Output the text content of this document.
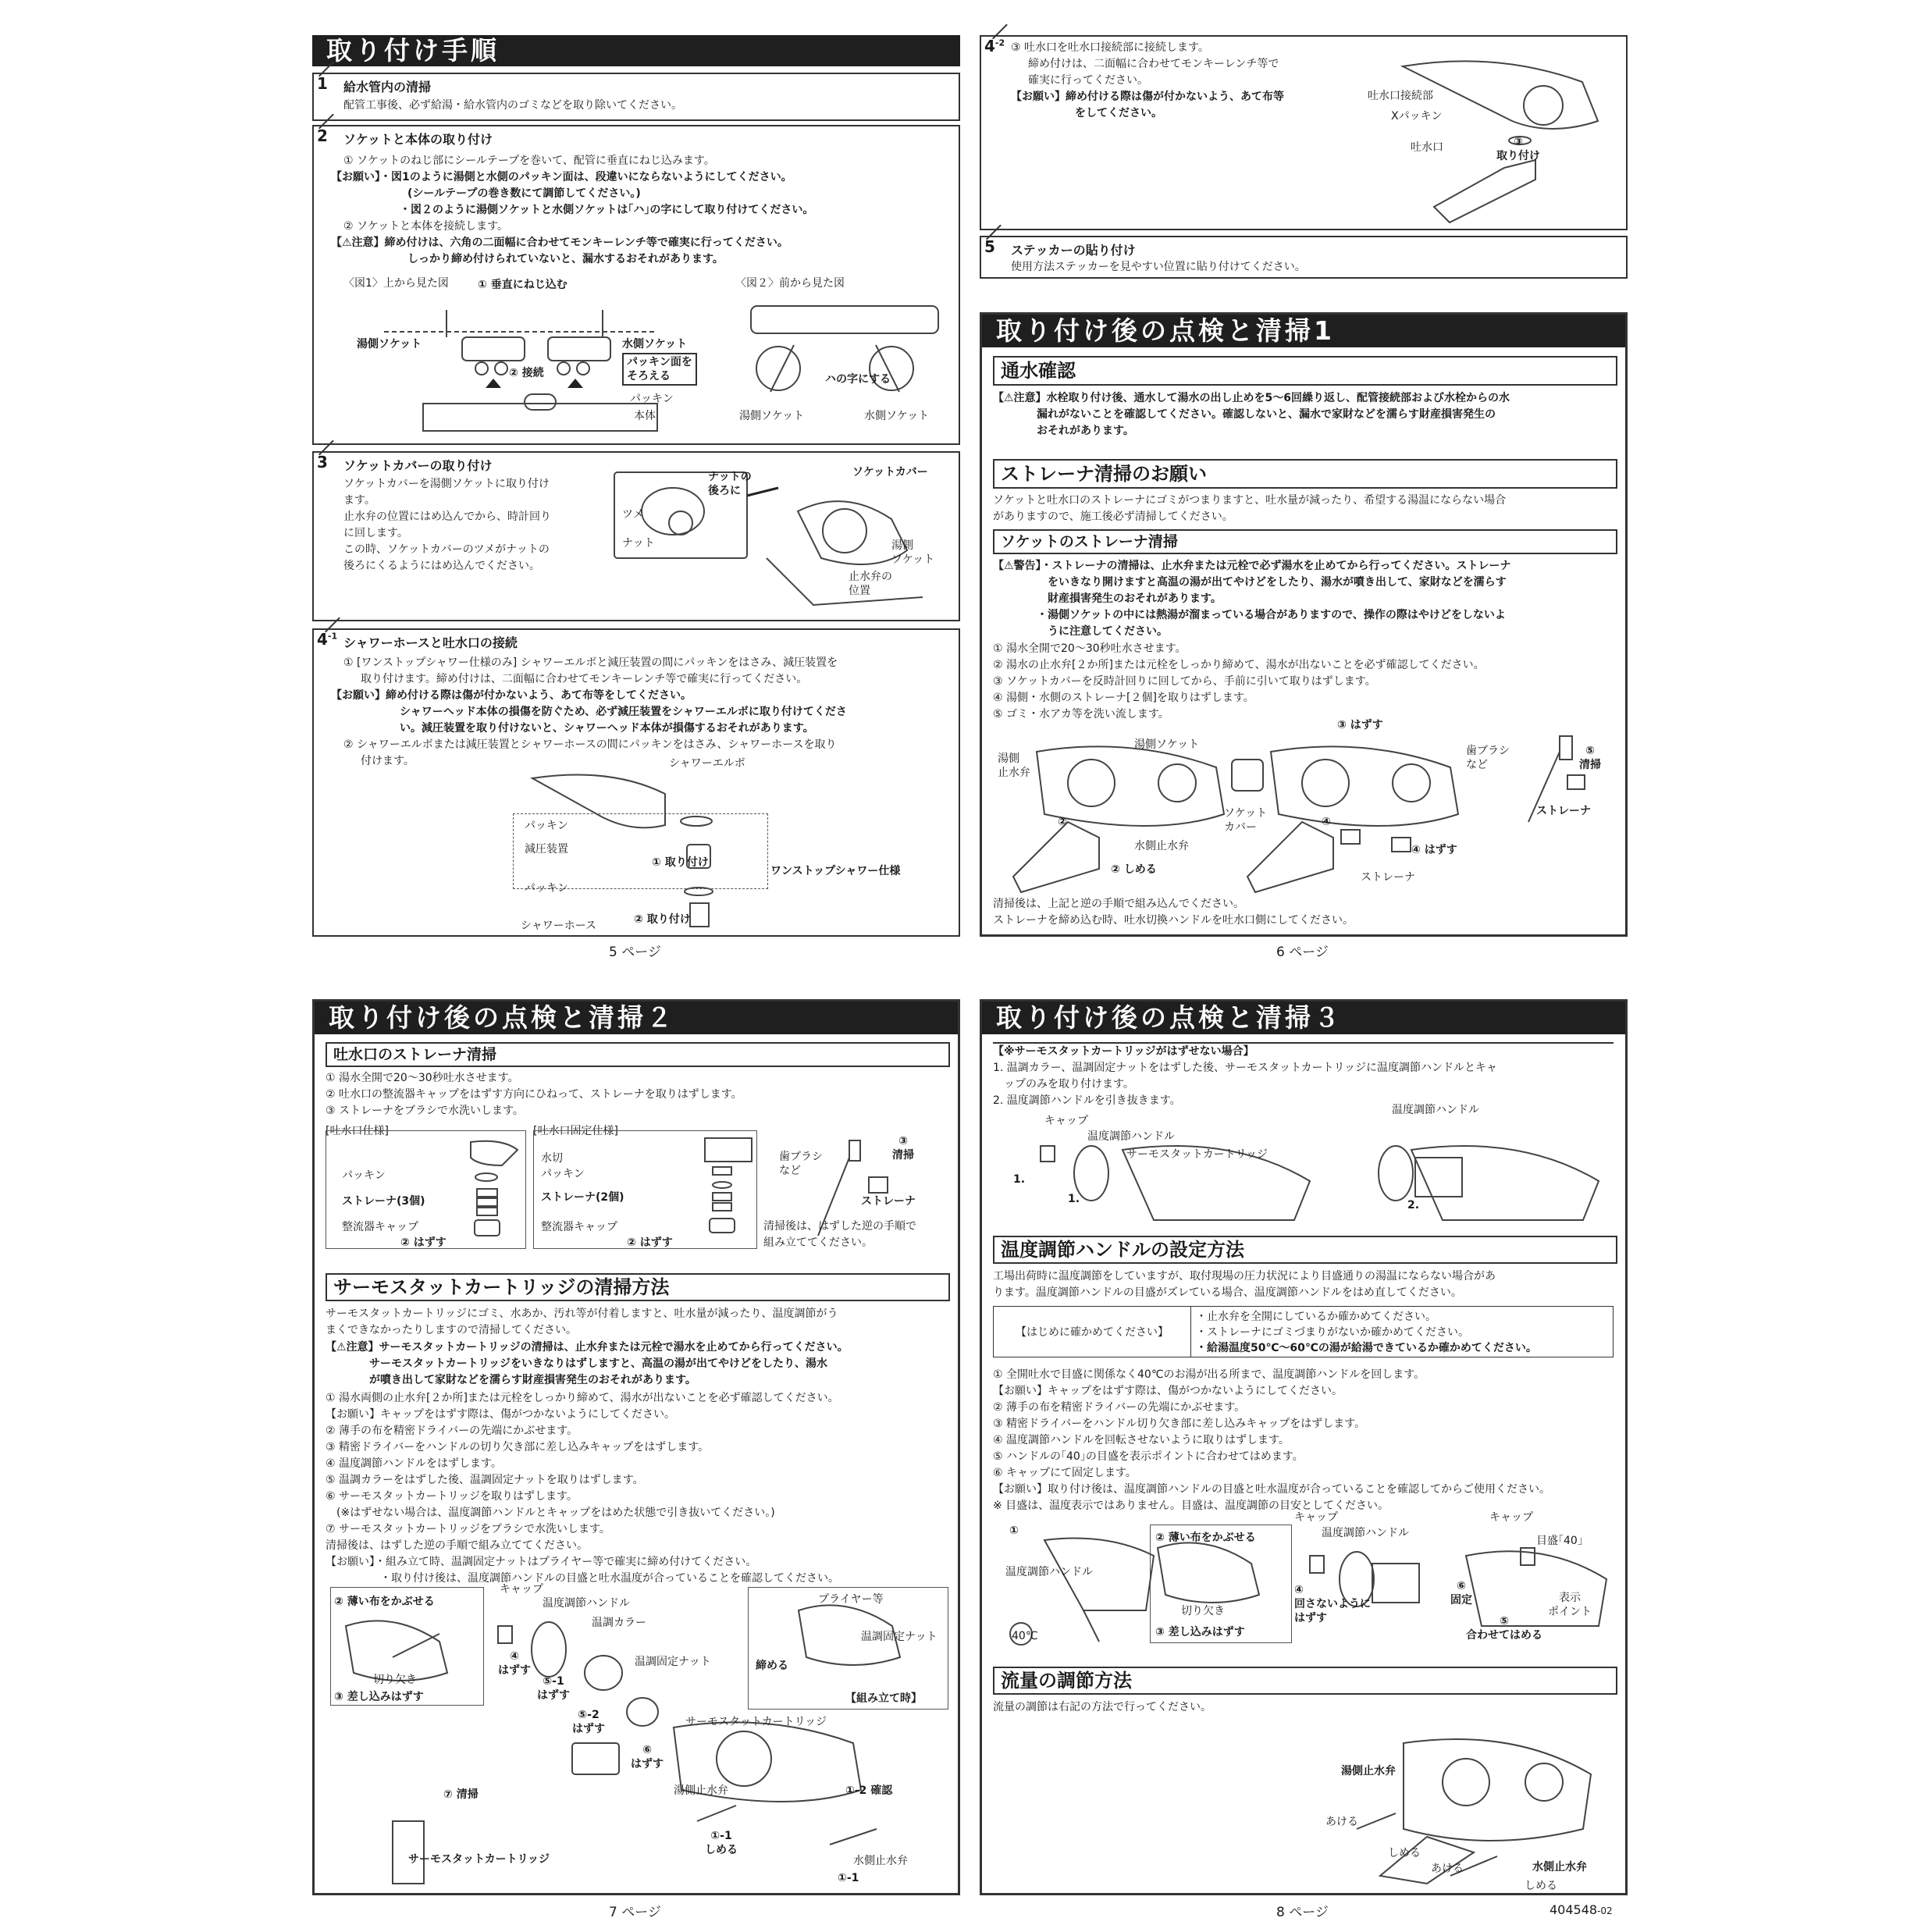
取り付け手順
1 給水管内の清掃
配管工事後、必ず給湯・給水管内のゴミなどを取り除いてください。
2 ソケットと本体の取り付け
① ソケットのねじ部にシールテープを巻いて、配管に垂直にねじ込みます。
【お願い】・図1のように湯側と水側のパッキン面は、段違いにならないようにしてください。
(シールテープの巻き数にて調節してください。)
・図２のように湯側ソケットと水側ソケットは｢ハ｣の字にして取り付けてください。
② ソケットと本体を接続します。
【⚠注意】締め付けは、六角の二面幅に合わせてモンキーレンチ等で確実に行ってください。
しっかり締め付けられていないと、漏水するおそれがあります。
〈図1〉上から見た図	① 垂直にねじ込む	〈図２〉前から見た図
湯側ソケット	水側ソケット
② 接続
パッキン面を
そろえる
パッキン
本体
ハの字にする
湯側ソケット	水側ソケット
3 ソケットカバーの取り付け
ソケットカバーを湯側ソケットに取り付け
ます。
止水弁の位置にはめ込んでから、時計回り
に回します。
この時、ソケットカバーのツメがナットの
後ろにくるようにはめ込んでください。
ナットの
後ろに
ツメ
ナット
ソケットカバー
湯側
ソケット
止水弁の
位置
$4^{-1}$ シャワーホースと吐水口の接続
① [ワンストップシャワー仕様のみ] シャワーエルボと減圧装置の間にパッキンをはさみ、減圧装置を
取り付けます。締め付けは、二面幅に合わせてモンキーレンチ等で確実に行ってください。
【お願い】締め付ける際は傷が付かないよう、あて布等をしてください。
シャワーヘッド本体の損傷を防ぐため、必ず減圧装置をシャワーエルボに取り付けてくださ
い。減圧装置を取り付けないと、シャワーヘッド本体が損傷するおそれがあります。
② シャワーエルボまたは減圧装置とシャワーホースの間にパッキンをはさみ、シャワーホースを取り
付けます。	シャワーエルボ
パッキン
減圧装置
① 取り付け
ワンストップシャワー仕様
パッキン
シャワーホース	② 取り付け
5 ページ
$4^{-2}$ ③ 吐水口を吐水口接続部に接続します。
締め付けは、二面幅に合わせてモンキーレンチ等で
確実に行ってください。
【お願い】締め付ける際は傷が付かないよう、あて布等
をしてください。
吐水口接続部
Xパッキン
吐水口	③
取り付け
5 ステッカーの貼り付け
使用方法ステッカーを見やすい位置に貼り付けてください。
取り付け後の点検と清掃1
通水確認
【⚠注意】水栓取り付け後、通水して湯水の出し止めを5～6回繰り返し、配管接続部および水栓からの水
　　　　漏れがないことを確認してください。確認しないと、漏水で家財などを濡らす財産損害発生の
　　　　おそれがあります。
ストレーナ清掃のお願い
ソケットと吐水口のストレーナにゴミがつまりますと、吐水量が減ったり、希望する湯温にならない場合
がありますので、施工後必ず清掃してください。
ソケットのストレーナ清掃
【⚠警告】・ストレーナの清掃は、止水弁または元栓で必ず湯水を止めてから行ってください。ストレーナ
　　　　　をいきなり開けますと高温の湯が出てやけどをしたり、湯水が噴き出して、家財などを濡らす
　　　　　財産損害発生のおそれがあります。
　　　　・湯側ソケットの中には熱湯が溜まっている場合がありますので、操作の際はやけどをしないよ
　　　　　うに注意してください。
① 湯水全開で20～30秒吐水させます。
② 湯水の止水弁[２か所]または元栓をしっかり締めて、湯水が出ないことを必ず確認してください。
③ ソケットカバーを反時計回りに回してから、手前に引いて取りはずします。
④ 湯側・水側のストレーナ[２個]を取りはずします。
⑤ ゴミ・水アカ等を洗い流します。
湯側
止水弁
湯側ソケット
③ はずす
ソケット
カバー
水側止水弁
② しめる
②	④
④ はずす
ストレーナ
歯ブラシ
など
⑤
清掃
ストレーナ
清掃後は、上記と逆の手順で組み込んでください。
ストレーナを締め込む時、吐水切換ハンドルを吐水口側にしてください。
6 ページ
取り付け後の点検と清掃２
吐水口のストレーナ清掃
① 湯水全開で20～30秒吐水させます。
② 吐水口の整流器キャップをはずす方向にひねって、ストレーナを取りはずします。
③ ストレーナをブラシで水洗いします。
[吐水口仕様]	[吐水口固定仕様]
パッキン
ストレーナ(3個)
整流器キャップ
② はずす
水切
パッキン
ストレーナ(2個)
整流器キャップ
② はずす
歯ブラシ
など
③
清掃
ストレーナ
清掃後は、はずした逆の手順で
組み立ててください。
サーモスタットカートリッジの清掃方法
サーモスタットカートリッジにゴミ、水あか、汚れ等が付着しますと、吐水量が減ったり、温度調節がう
まくできなかったりしますので清掃してください。
【⚠注意】サーモスタットカートリッジの清掃は、止水弁または元栓で湯水を止めてから行ってください。
　　　　サーモスタットカートリッジをいきなりはずしますと、高温の湯が出てやけどをしたり、湯水
　　　　が噴き出して家財などを濡らす財産損害発生のおそれがあります。
① 湯水両側の止水弁[２か所]または元栓をしっかり締めて、湯水が出ないことを必ず確認してください。
【お願い】キャップをはずす際は、傷がつかないようにしてください。
② 薄手の布を精密ドライバーの先端にかぶせます。
③ 精密ドライバーをハンドルの切り欠き部に差し込みキャップをはずします。
④ 温度調節ハンドルをはずします。
⑤ 温調カラーをはずした後、温調固定ナットを取りはずします。
⑥ サーモスタットカートリッジを取りはずします。
　(※はずせない場合は、温度調節ハンドルとキャップをはめた状態で引き抜いてください。)
⑦ サーモスタットカートリッジをブラシで水洗いします。
清掃後は、はずした逆の手順で組み立ててください。
【お願い】・組み立て時、温調固定ナットはプライヤー等で確実に締め付けてください。
　　　　　・取り付け後は、温度調節ハンドルの目盛と吐水温度が合っていることを確認してください。
② 薄い布をかぶせる
切り欠き
③ 差し込みはずす
キャップ
温度調節ハンドル
温調カラー
温調固定ナット
④
はずす
⑤-1
はずす
⑤-2
はずす
プライヤー等
温調固定ナット
締める
【組み立て時】
サーモスタットカートリッジ
⑥
はずす
湯側止水弁	①-2 確認
①-1
しめる
水側止水弁
①-1
⑦ 清掃
サーモスタットカートリッジ
7 ページ
取り付け後の点検と清掃３
【※サーモスタットカートリッジがはずせない場合】
1. 温調カラー、温調固定ナットをはずした後、サーモスタットカートリッジに温度調節ハンドルとキャ
　ップのみを取り付けます。
2. 温度調節ハンドルを引き抜きます。
キャップ
温度調節ハンドル
サーモスタットカートリッジ
1.
1.
温度調節ハンドル
2.
温度調節ハンドルの設定方法
工場出荷時に温度調節をしていますが、取付現場の圧力状況により目盛通りの湯温にならない場合があ
ります。温度調節ハンドルの目盛がズレている場合、温度調節ハンドルをはめ直してください。
【はじめに確かめてください】	
・止水弁を全開にしているか確かめてください。
・ストレーナにゴミづまりがないか確かめてください。
・給湯温度50℃～60℃の湯が給湯できているか確かめてください。
① 全開吐水で目盛に関係なく40℃のお湯が出る所まで、温度調節ハンドルを回します。
【お願い】キャップをはずす際は、傷がつかないようにしてください。
② 薄手の布を精密ドライバーの先端にかぶせます。
③ 精密ドライバーをハンドル切り欠き部に差し込みキャップをはずします。
④ 温度調節ハンドルを回転させないように取りはずします。
⑤ ハンドルの｢40｣の目盛を表示ポイントに合わせてはめます。
⑥ キャップにて固定します。
【お願い】取り付け後は、温度調節ハンドルの目盛と吐水温度が合っていることを確認してからご使用ください。
※ 目盛は、温度表示ではありません。目盛は、温度調節の目安としてください。
①
温度調節ハンドル
40℃
② 薄い布をかぶせる
切り欠き
③ 差し込みはずす
キャップ
温度調節ハンドル
④
回さないように
はずす
キャップ
目盛｢40｣
⑥
固定	表示
ポイント
⑤
合わせてはめる
流量の調節方法
流量の調節は右記の方法で行ってください。
湯側止水弁
あける
しめる
あける	水側止水弁
しめる
8 ページ	404548-02
